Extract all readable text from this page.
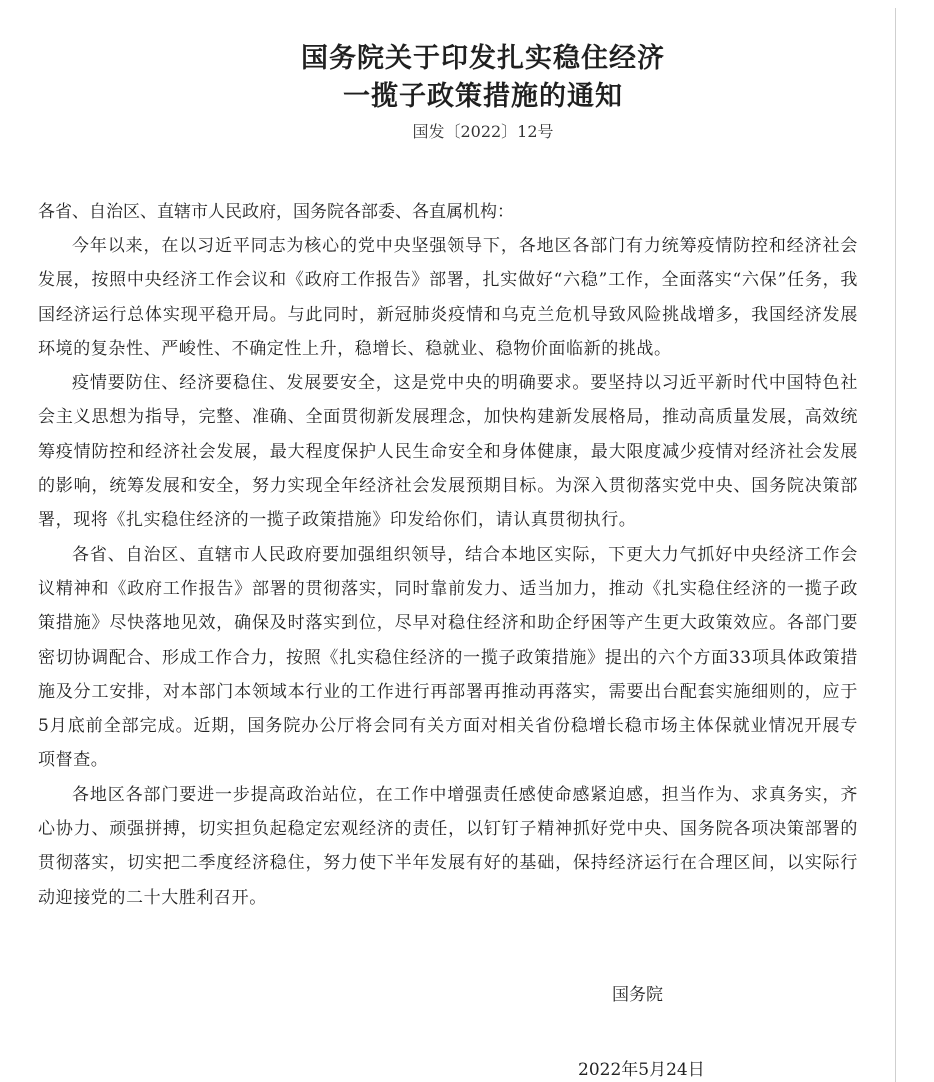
国务院关于印发扎实稳住经济
一揽子政策措施的通知
国发〔2022〕12号
各省、自治区、直辖市人民政府，国务院各部委、各直属机构：

今年以来，在以习近平同志为核心的党中央坚强领导下，各地区各部门有力统筹疫情防控和经济社会发展，按照中央经济工作会议和《政府工作报告》部署，扎实做好“六稳”工作，全面落实“六保”任务，我国经济运行总体实现平稳开局。与此同时，新冠肺炎疫情和乌克兰危机导致风险挑战增多，我国经济发展环境的复杂性、严峻性、不确定性上升，稳增长、稳就业、稳物价面临新的挑战。

疫情要防住、经济要稳住、发展要安全，这是党中央的明确要求。要坚持以习近平新时代中国特色社会主义思想为指导，完整、准确、全面贯彻新发展理念，加快构建新发展格局，推动高质量发展，高效统筹疫情防控和经济社会发展，最大程度保护人民生命安全和身体健康，最大限度减少疫情对经济社会发展的影响，统筹发展和安全，努力实现全年经济社会发展预期目标。为深入贯彻落实党中央、国务院决策部署，现将《扎实稳住经济的一揽子政策措施》印发给你们，请认真贯彻执行。

各省、自治区、直辖市人民政府要加强组织领导，结合本地区实际，下更大力气抓好中央经济工作会议精神和《政府工作报告》部署的贯彻落实，同时靠前发力、适当加力，推动《扎实稳住经济的一揽子政策措施》尽快落地见效，确保及时落实到位，尽早对稳住经济和助企纾困等产生更大政策效应。各部门要密切协调配合、形成工作合力，按照《扎实稳住经济的一揽子政策措施》提出的六个方面33项具体政策措施及分工安排，对本部门本领域本行业的工作进行再部署再推动再落实，需要出台配套实施细则的，应于5月底前全部完成。近期，国务院办公厅将会同有关方面对相关省份稳增长稳市场主体保就业情况开展专项督查。

各地区各部门要进一步提高政治站位，在工作中增强责任感使命感紧迫感，担当作为、求真务实，齐心协力、顽强拼搏，切实担负起稳定宏观经济的责任，以钉钉子精神抓好党中央、国务院各项决策部署的贯彻落实，切实把二季度经济稳住，努力使下半年发展有好的基础，保持经济运行在合理区间，以实际行动迎接党的二十大胜利召开。

国务院
2022年5月24日
